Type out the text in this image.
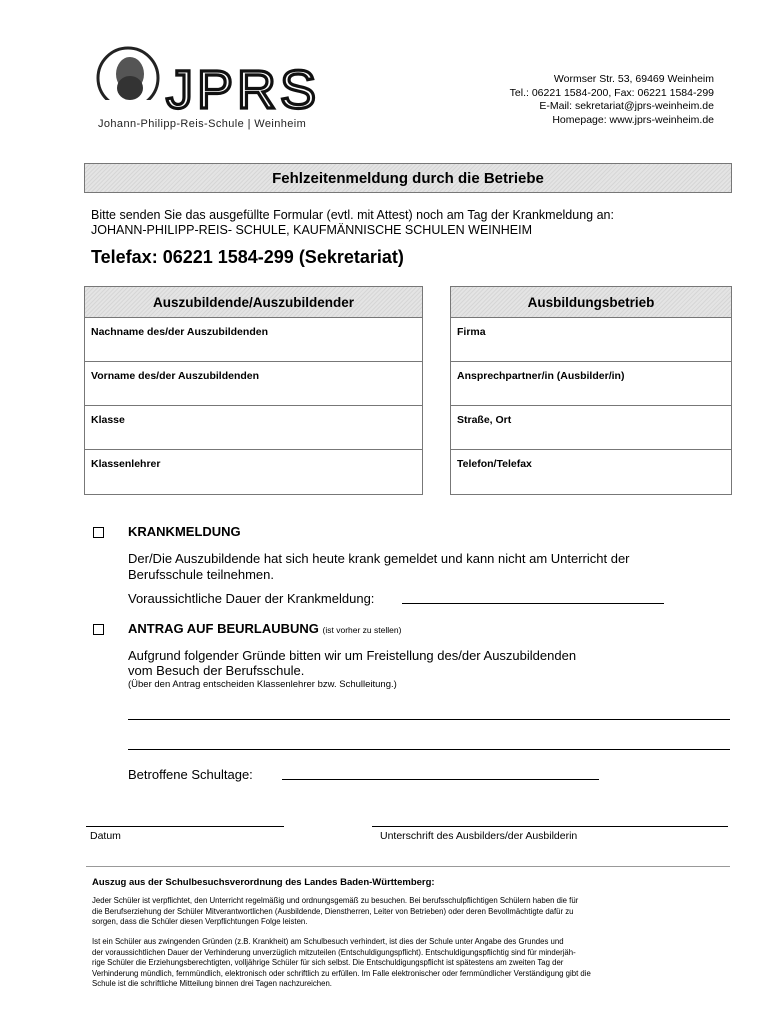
JPRS
Johann-Philipp-Reis-Schule | Weinheim
Wormser Str. 53, 69469 Weinheim
Tel.: 06221 1584-200, Fax: 06221 1584-299
E-Mail: sekretariat@jprs-weinheim.de
Homepage: www.jprs-weinheim.de
Fehlzeitenmeldung durch die Betriebe
Bitte senden Sie das ausgefüllte Formular (evtl. mit Attest) noch am Tag der Krankmeldung an:
JOHANN-PHILIPP-REIS- SCHULE, KAUFMÄNNISCHE SCHULEN WEINHEIM
Telefax: 06221 1584-299 (Sekretariat)
Auszubildende/Auszubildender
Nachname des/der Auszubildenden
Vorname des/der Auszubildenden
Klasse
Klassenlehrer
Ausbildungsbetrieb
Firma
Ansprechpartner/in (Ausbilder/in)
Straße, Ort
Telefon/Telefax
KRANKMELDUNG
Der/Die Auszubildende hat sich heute krank gemeldet und kann nicht am Unterricht der
Berufsschule teilnehmen.
Voraussichtliche Dauer der Krankmeldung:
ANTRAG AUF BEURLAUBUNG (ist vorher zu stellen)
Aufgrund folgender Gründe bitten wir um Freistellung des/der Auszubildenden
vom Besuch der Berufsschule.
(Über den Antrag entscheiden Klassenlehrer bzw. Schulleitung.)
Betroffene Schultage:
Datum	Unterschrift des Ausbilders/der Ausbilderin
Auszug aus der Schulbesuchsverordnung des Landes Baden-Württemberg:
Jeder Schüler ist verpflichtet, den Unterricht regelmäßig und ordnungsgemäß zu besuchen. Bei berufsschulpflichtigen Schülern haben die für
die Berufserziehung der Schüler Mitverantwortlichen (Ausbildende, Dienstherren, Leiter von Betrieben) oder deren Bevollmächtigte dafür zu
sorgen, dass die Schüler diesen Verpflichtungen Folge leisten.
Ist ein Schüler aus zwingenden Gründen (z.B. Krankheit) am Schulbesuch verhindert, ist dies der Schule unter Angabe des Grundes und
der voraussichtlichen Dauer der Verhinderung unverzüglich mitzuteilen (Entschuldigungspflicht). Entschuldigungspflichtig sind für minderjäh-
rige Schüler die Erziehungsberechtigten, volljährige Schüler für sich selbst. Die Entschuldigungspflicht ist spätestens am zweiten Tag der
Verhinderung mündlich, fernmündlich, elektronisch oder schriftlich zu erfüllen. Im Falle elektronischer oder fernmündlicher Verständigung gibt die
Schule ist die schriftliche Mitteilung binnen drei Tagen nachzureichen.
